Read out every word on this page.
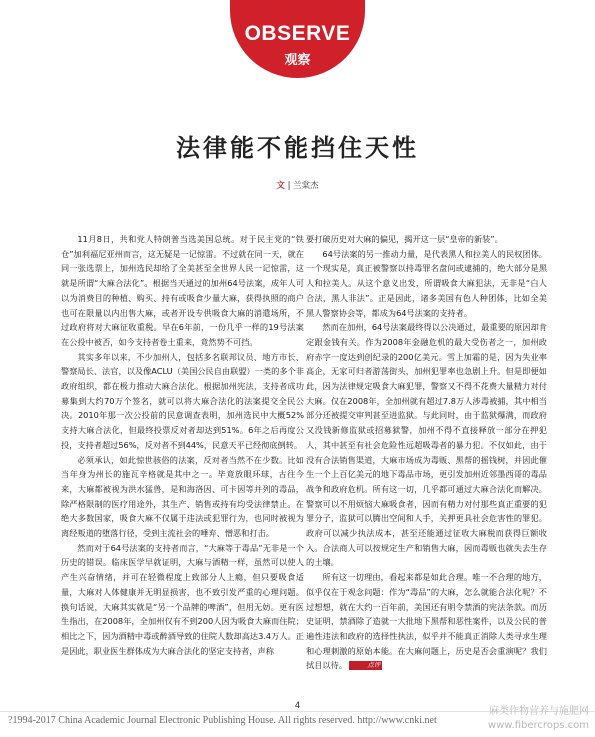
OBSERVE
观察
法律能不能挡住天性
文 | 兰棠杰

11月8日，共和党人特朗普当选美国总统。对于民主党的“铁仓”加利福尼亚州而言，这无疑是一记惊雷。不过就在同一天，就在同一张选票上，加州选民却给了全美甚至全世界人民一记惊雷，这就是所谓“大麻合法化”。根据当天通过的加州64号法案，成年人可以为消费目的种植、购买、持有或吸食少量大麻，获得执照的商户也可在限量以内出售大麻，或者开设专供吸食大麻的消遣场所，不过政府将对大麻征收重税。早在6年前，一份几乎一样的19号法案在公投中被否，如今支持者卷土重来，竟然势不可挡。

其实多年以来，不少加州人，包括多名联邦议员、地方市长、警察局长、法官，以及像ACLU（美国公民自由联盟）一类的多个非政府组织，都在极力推动大麻合法化。根据加州宪法，支持者成功募集到大约70万个签名，就可以将大麻合法化的法案提交全民公决。2010年那一次公投前的民意调查表明，加州选民中大概52%支持大麻合法化，但最终投票反对者却达到51%。6年之后再度公投，支持者超过56%，反对者不到44%，民意天平已经彻底倒转。

必须承认，如此惊世骇俗的法案，反对者当然不在少数。比如当年身为州长的施瓦辛格就是其中之一。毕竟放眼环球，古往今来，大麻都被视为洪水猛兽，是和海洛因、可卡因等并列的毒品，除严格限制的医疗用途外，其生产、销售或持有均受法律禁止。在绝大多数国家，吸食大麻不仅属于违法或犯罪行为，也同时被视为离经叛道的堕落行径，受到主流社会的唾弃、憎恶和打击。

然而对于64号法案的支持者而言，“大麻等于毒品”无非是一个历史的错误。临床医学早就证明，大麻与酒精一样，虽然可以使人产生兴奋情绪，并可在轻微程度上致部分人上瘾，但只要吸食适量，大麻对人体健康并无明显损害，也不致引发严重的心理问题。换句话说，大麻其实就是“另一个品牌的啤酒”，但用无妨。更有医生指出，在2008年，全加州仅有不到200人因为吸食大麻而住院；相比之下，因为酒精中毒或醉酒导致的住院人数却高达3.4万人。正是因此，职业医生群体成为大麻合法化的坚定支持者，声称

要打破历史对大麻的偏见，揭开这一层“皇帝的新装”。

64号法案的另一推动力量，是代表黑人和拉美人的民权团体。一个现实是，真正被警察以持毒罪名盘问或逮捕的，绝大部分是黑人和拉美人。从这个意义出发，所谓吸食大麻犯法，无非是“白人合法，黑人非法”。正是因此，诸多美国有色人种团体，比如全美黑人警察协会等，都成为64号法案的支持者。

然而在加州，64号法案最终得以公决通过，最重要的原因却肯定跟金钱有关。作为2008年金融危机的最大受伤者之一，加州政府赤字一度达到创纪录的200亿美元。雪上加霜的是，因为失业率高企，无家可归者游荡街头，加州犯罪率也急剧上升。但是即便如此，因为法律规定吸食大麻犯罪，警察又不得不花费大量精力对付大麻。仅在2008年，全加州就有超过7.8万人涉毒被捕，其中相当部分还被提交审判甚至进监狱。与此同时，由于监狱爆满，而政府又没钱新修监狱或招募狱警，加州不得不直接释放一部分在押犯人，其中甚至有社会危险性远超吸毒者的暴力犯。不仅如此，由于没有合法销售渠道，大麻市场成为毒贩、黑帮的摇钱树，并因此催生一个上百亿美元的地下毒品市场，更引发加州近邻墨西哥的毒品战争和政府危机。所有这一切，几乎都可通过大麻合法化而解决。警察可以不用烦恼大麻吸食者，因而有精力对付那些真正重要的犯罪分子，监狱可以腾出空间和人手，关押更具社会危害性的罪犯。政府可以减少执法成本，甚至还能通过征收大麻税而获得巨额收入。合法商人可以按规定生产和销售大麻，因而毒贩也就失去生存的土壤。

所有这一切理由，看起来都是如此合理。唯一不合理的地方，似乎仅在于观念问题：作为“毒品”的大麻，怎么就能合法化呢？不过想想，就在大约一百年前，美国还有明令禁酒的宪法条款。而历史证明，禁酒除了造就一大批地下黑帮和恶性案件，以及公民的普遍性违法和政府的选择性执法，似乎并不能真正消除人类寻求生理和心理刺激的原始本能。在大麻问题上，历史是否会重演呢？我们拭目以待。	点评

4
?1994-2017 China Academic Journal Electronic Publishing House. All rights reserved. http://www.cnki.net
麻类作物营养与施肥网
www.fibercrops.com
